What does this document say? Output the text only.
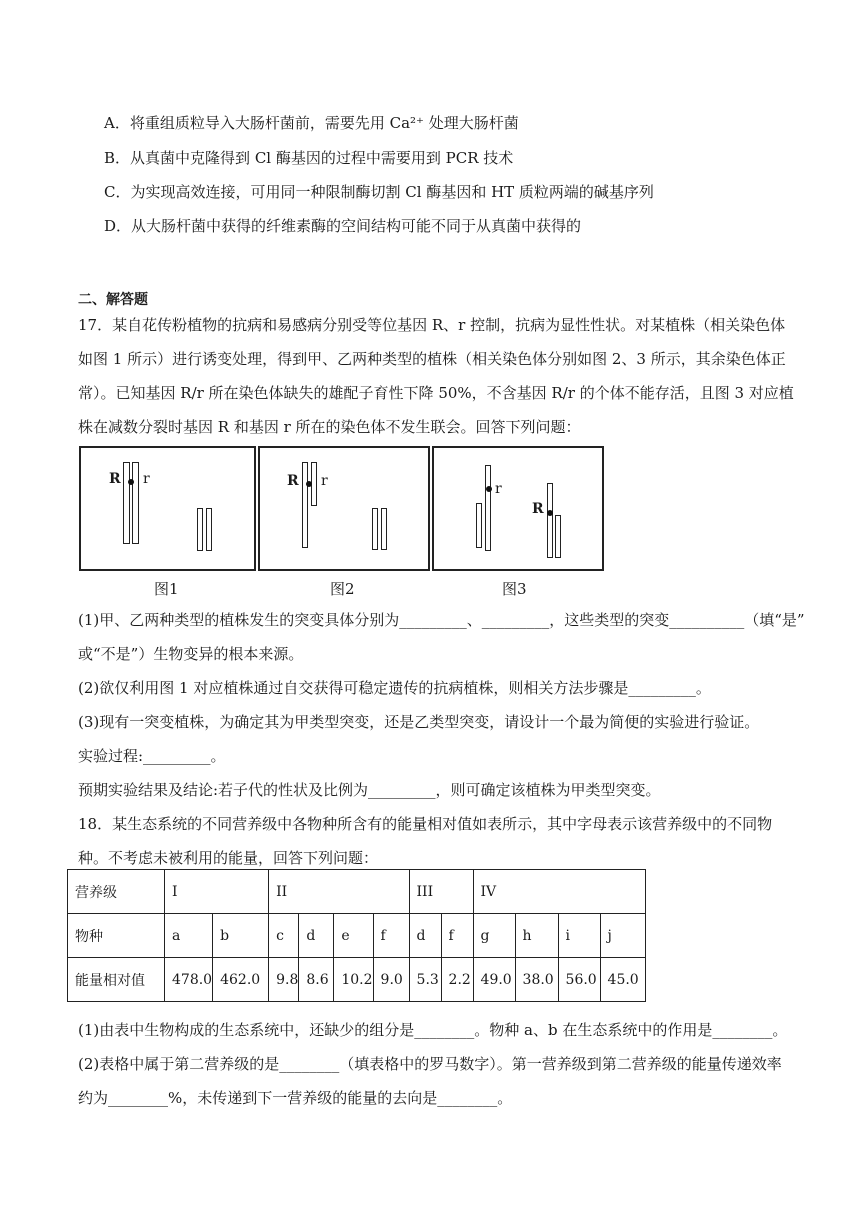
A．将重组质粒导入大肠杆菌前，需要先用 Ca²⁺ 处理大肠杆菌
B．从真菌中克隆得到 Cl 酶基因的过程中需要用到 PCR 技术
C．为实现高效连接，可用同一种限制酶切割 Cl 酶基因和 HT 质粒两端的碱基序列
D．从大肠杆菌中获得的纤维素酶的空间结构可能不同于从真菌中获得的
二、解答题
17．某自花传粉植物的抗病和易感病分别受等位基因 R、r 控制，抗病为显性性状。对某植株（相关染色体
如图 1 所示）进行诱变处理，得到甲、乙两种类型的植株（相关染色体分别如图 2、3 所示，其余染色体正
常）。已知基因 R/r 所在染色体缺失的雄配子育性下降 50%，不含基因 R/r 的个体不能存活，且图 3 对应植
株在减数分裂时基因 R 和基因 r 所在的染色体不发生联会。回答下列问题：
R r	R r	r
R
图1	图2	图3
(1)甲、乙两种类型的植株发生的突变具体分别为_________、_________，这些类型的突变__________（填“是”
或“不是”）生物变异的根本来源。
(2)欲仅利用图 1 对应植株通过自交获得可稳定遗传的抗病植株，则相关方法步骤是_________。
(3)现有一突变植株，为确定其为甲类型突变，还是乙类型突变，请设计一个最为简便的实验进行验证。
实验过程:_________。
预期实验结果及结论:若子代的性状及比例为_________，则可确定该植株为甲类型突变。
18．某生态系统的不同营养级中各物种所含有的能量相对值如表所示，其中字母表示该营养级中的不同物
种。不考虑未被利用的能量，回答下列问题：
营养级	I		II				III		IV			
物种	a	b	c	d	e	f	d	f	g	h	i	j
能量相对值	478.0	462.0	9.8	8.6	10.2	9.0	5.3	2.2	49.0	38.0	56.0	45.0
(1)由表中生物构成的生态系统中，还缺少的组分是________。物种 a、b 在生态系统中的作用是________。
(2)表格中属于第二营养级的是________（填表格中的罗马数字）。第一营养级到第二营养级的能量传递效率
约为________%，未传递到下一营养级的能量的去向是________。
